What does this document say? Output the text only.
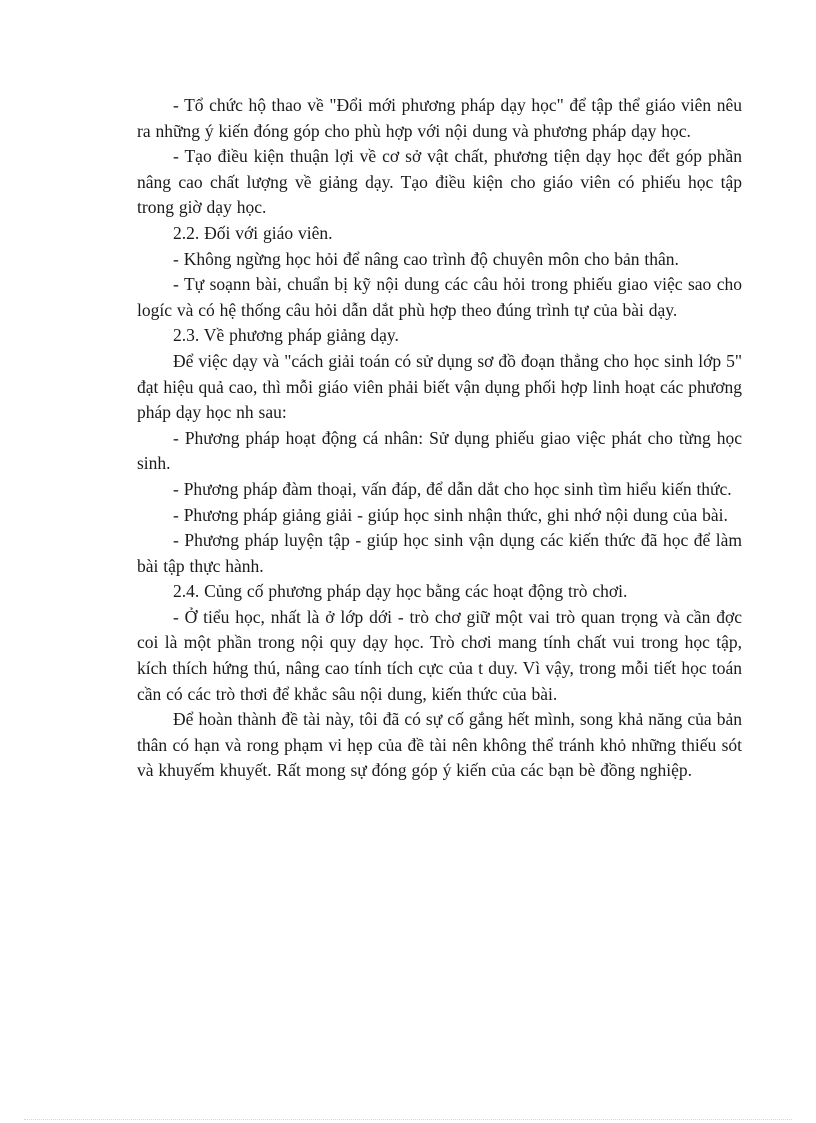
- Tổ chức hộ thao về "Đổi mới phương pháp dạy học" để tập thể giáo viên nêu ra những ý kiến đóng góp cho phù hợp với nội dung và phương pháp dạy học.

- Tạo điều kiện thuận lợi về cơ sở vật chất, phương tiện dạy học đểt góp phần nâng cao chất lượng về giảng dạy. Tạo điều kiện cho giáo viên có phiếu học tập trong giờ dạy học.

2.2. Đối với giáo viên.

- Không ngừng học hỏi để nâng cao trình độ chuyên môn cho bản thân.

- Tự soạnn bài, chuẩn bị kỹ nội dung các câu hỏi trong phiếu giao việc sao cho logíc và có hệ thống câu hỏi dẫn dắt phù hợp theo đúng trình tự của bài dạy.

2.3. Về phương pháp giảng dạy.

Để việc dạy và "cách giải toán có sử dụng sơ đồ đoạn thẳng cho học sinh lớp 5" đạt hiệu quả cao, thì mỗi giáo viên phải biết vận dụng phối hợp linh hoạt các phương pháp dạy học nh sau:

- Phương pháp hoạt động cá nhân: Sử dụng phiếu giao việc phát cho từng học sinh.

- Phương pháp đàm thoại, vấn đáp, để dẫn dắt cho học sinh tìm hiểu kiến thức.

- Phương pháp giảng giải - giúp học sinh nhận thức, ghi nhớ nội dung của bài.

- Phương pháp luyện tập - giúp học sinh vận dụng các kiến thức đã học để làm bài tập thực hành.

2.4. Củng cố phương pháp dạy học bằng các hoạt động trò chơi.

- Ở tiểu học, nhất là ở lớp dới - trò chơ giữ một vai trò quan trọng và cần đợc coi là một phần trong nội quy dạy học. Trò chơi mang tính chất vui trong học tập, kích thích hứng thú, nâng cao tính tích cực của t duy. Vì vậy, trong mỗi tiết học toán cần có các trò thơi để khắc sâu nội dung, kiến thức của bài.

Để hoàn thành đề tài này, tôi đã có sự cố gắng hết mình, song khả năng của bản thân có hạn và rong phạm vi hẹp của đề tài nên không thể tránh khỏ những thiếu sót và khuyếm khuyết. Rất mong sự đóng góp ý kiến của các bạn bè đồng nghiệp.
